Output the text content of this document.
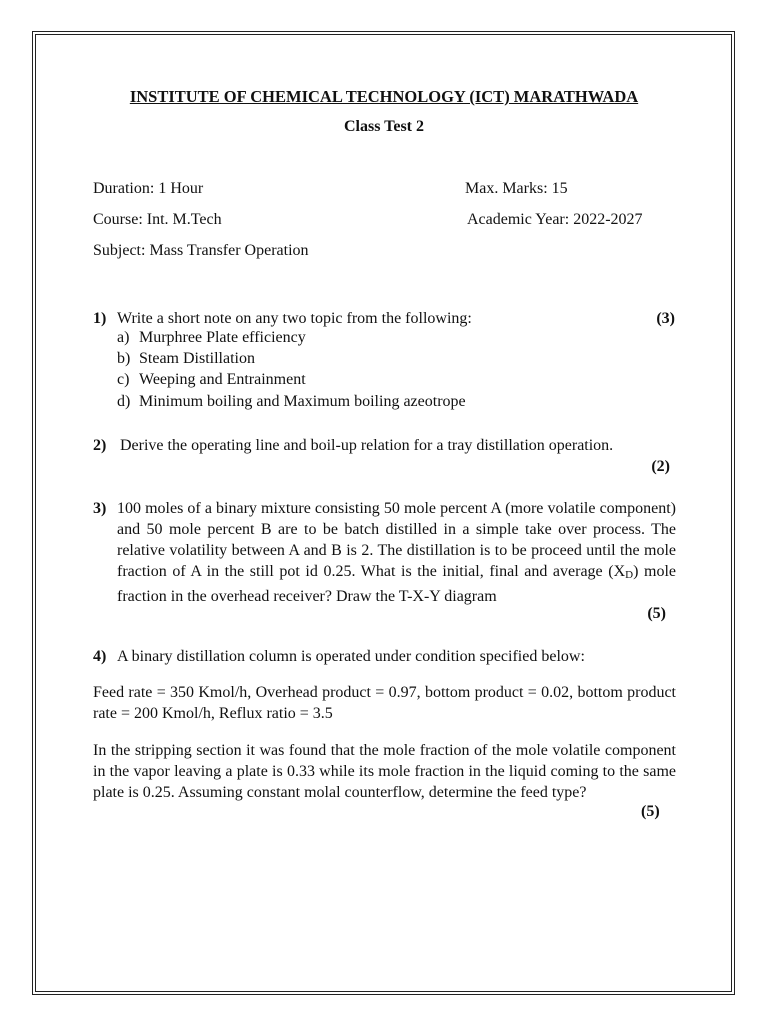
INSTITUTE OF CHEMICAL TECHNOLOGY (ICT) MARATHWADA
Class Test 2
Duration: 1 Hour	Max. Marks: 15
Course: Int. M.Tech	Academic Year: 2022-2027
Subject: Mass Transfer Operation
1) Write a short note on any two topic from the following:	(3)
a) Murphree Plate efficiency
b) Steam Distillation
c) Weeping and Entrainment
d) Minimum boiling and Maximum boiling azeotrope
2) Derive the operating line and boil-up relation for a tray distillation operation.
(2)
3) 100 moles of a binary mixture consisting 50 mole percent A (more volatile component) and 50 mole percent B are to be batch distilled in a simple take over process. The relative volatility between A and B is 2. The distillation is to be proceed until the mole fraction of A in the still pot id 0.25. What is the initial, final and average $(X_D)$ mole fraction in the overhead receiver? Draw the T-X-Y diagram
(5)
4) A binary distillation column is operated under condition specified below:
Feed rate = 350 Kmol/h, Overhead product = 0.97, bottom product = 0.02, bottom product rate = 200 Kmol/h, Reflux ratio = 3.5
In the stripping section it was found that the mole fraction of the mole volatile component in the vapor leaving a plate is 0.33 while its mole fraction in the liquid coming to the same plate is 0.25. Assuming constant molal counterflow, determine the feed type?
(5)
